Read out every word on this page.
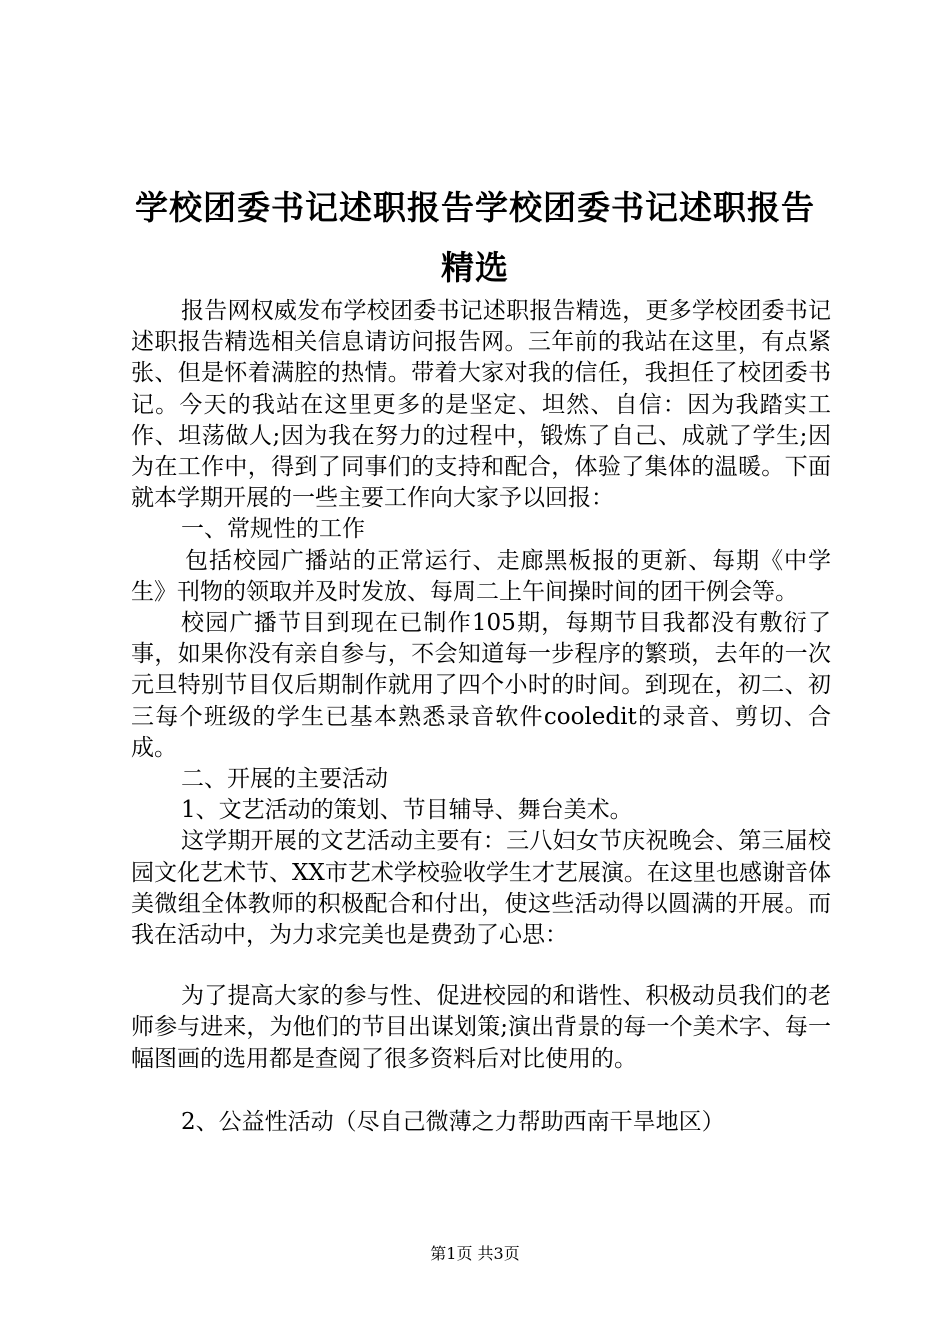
学校团委书记述职报告学校团委书记述职报告
精选

报告网权威发布学校团委书记述职报告精选，更多学校团委书记述职报告精选相关信息请访问报告网。三年前的我站在这里，有点紧张、但是怀着满腔的热情。带着大家对我的信任，我担任了校团委书记。今天的我站在这里更多的是坚定、坦然、自信：因为我踏实工作、坦荡做人;因为我在努力的过程中，锻炼了自己、成就了学生;因为在工作中，得到了同事们的支持和配合，体验了集体的温暖。下面就本学期开展的一些主要工作向大家予以回报：

一、常规性的工作

包括校园广播站的正常运行、走廊黑板报的更新、每期《中学生》刊物的领取并及时发放、每周二上午间操时间的团干例会等。

校园广播节目到现在已制作105期，每期节目我都没有敷衍了事，如果你没有亲自参与，不会知道每一步程序的繁琐，去年的一次元旦特别节目仅后期制作就用了四个小时的时间。到现在，初二、初三每个班级的学生已基本熟悉录音软件cooledit的录音、剪切、合成。

二、开展的主要活动

1、文艺活动的策划、节目辅导、舞台美术。

这学期开展的文艺活动主要有：三八妇女节庆祝晚会、第三届校园文化艺术节、XX市艺术学校验收学生才艺展演。在这里也感谢音体美微组全体教师的积极配合和付出，使这些活动得以圆满的开展。而我在活动中，为力求完美也是费劲了心思：

为了提高大家的参与性、促进校园的和谐性、积极动员我们的老师参与进来，为他们的节目出谋划策;演出背景的每一个美术字、每一幅图画的选用都是查阅了很多资料后对比使用的。

2、公益性活动（尽自己微薄之力帮助西南干旱地区）

第1页 共3页
